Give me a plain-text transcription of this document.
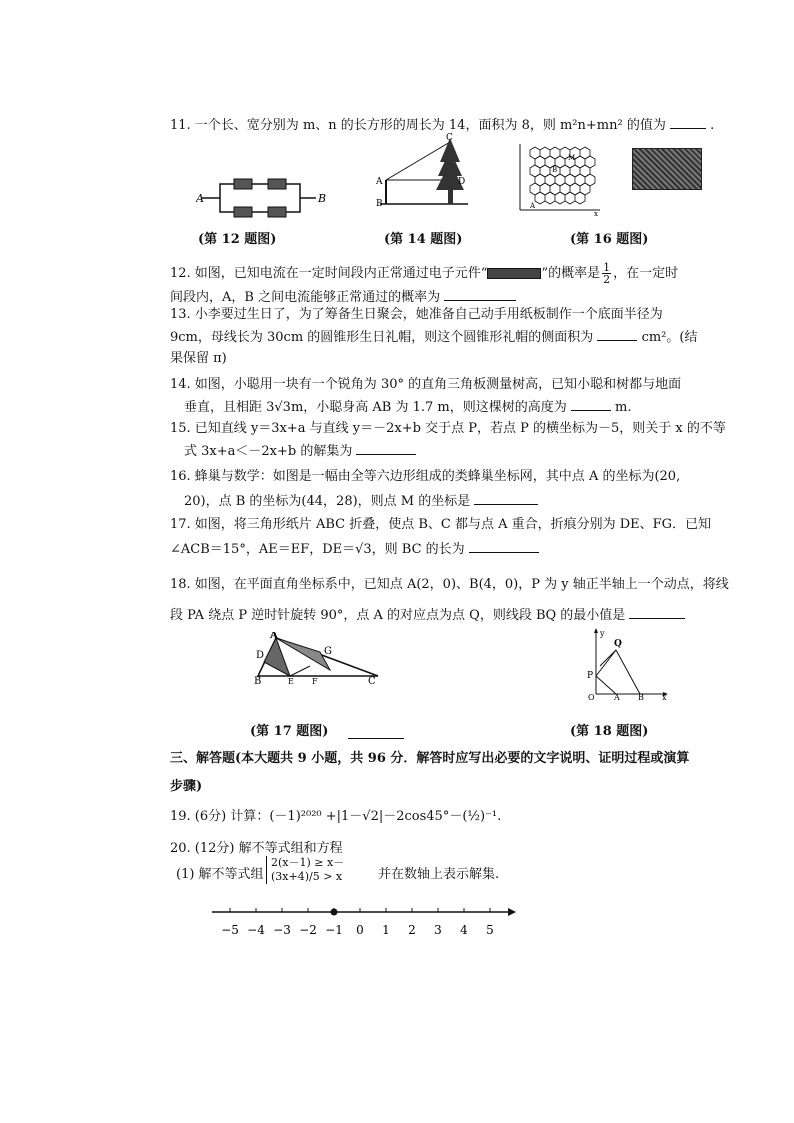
11. 一个长、宽分别为 m、n 的长方形的周长为 14，面积为 8，则 m²n+mn² 的值为	.
A	B
A
B
C
D
M
B
A
x
(第 12 题图)	(第 14 题图)	(第 16 题图)
12. 如图，已知电流在一定时间段内正常通过电子元件“	”的概率是 $\frac{1}{2}$ ，在一定时
间段内，A，B 之间电流能够正常通过的概率为
13. 小李要过生日了，为了筹备生日聚会，她准备自己动手用纸板制作一个底面半径为
9cm，母线长为 30cm 的圆锥形生日礼帽，则这个圆锥形礼帽的侧面积为	cm²。(结
果保留 π)
14. 如图，小聪用一块有一个锐角为 30° 的直角三角板测量树高，已知小聪和树都与地面
垂直，且相距 3√3m，小聪身高 AB 为 1.7 m，则这棵树的高度为	m.
15. 已知直线 y＝3x+a 与直线 y＝－2x+b 交于点 P，若点 P 的横坐标为－5，则关于 x 的不等
式 3x+a＜－2x+b 的解集为
16. 蜂巢与数学：如图是一幅由全等六边形组成的类蜂巢坐标网，其中点 A 的坐标为(20,
20)，点 B 的坐标为(44，28)，则点 M 的坐标是
17. 如图，将三角形纸片 ABC 折叠，使点 B、C 都与点 A 重合，折痕分别为 DE、FG．已知
∠ACB＝15°，AE＝EF，DE＝√3，则 BC 的长为
18. 如图，在平面直角坐标系中，已知点 A(2，0)、B(4，0)，P 为 y 轴正半轴上一个动点，将线
段 PA 绕点 P 逆时针旋转 90°，点 A 的对应点为点 Q，则线段 BQ 的最小值是
A
D
B
G
C
E F
Q
P
O A B x
y
(第 17 题图)	(第 18 题图)
三、解答题(本大题共 9 小题，共 96 分．解答时应写出必要的文字说明、证明过程或演算
步骤)
19. (6分) 计算：(－1)²⁰²⁰ +|1－√2|－2cos45°－(½)⁻¹.
20. (12分) 解不等式组和方程
(1) 解不等式组
2(x－1) ≥ x－
(3x+4)/5 > x	并在数轴上表示解集.
−5 −4 −3 −2 −1 0 1 2 3 4 5
